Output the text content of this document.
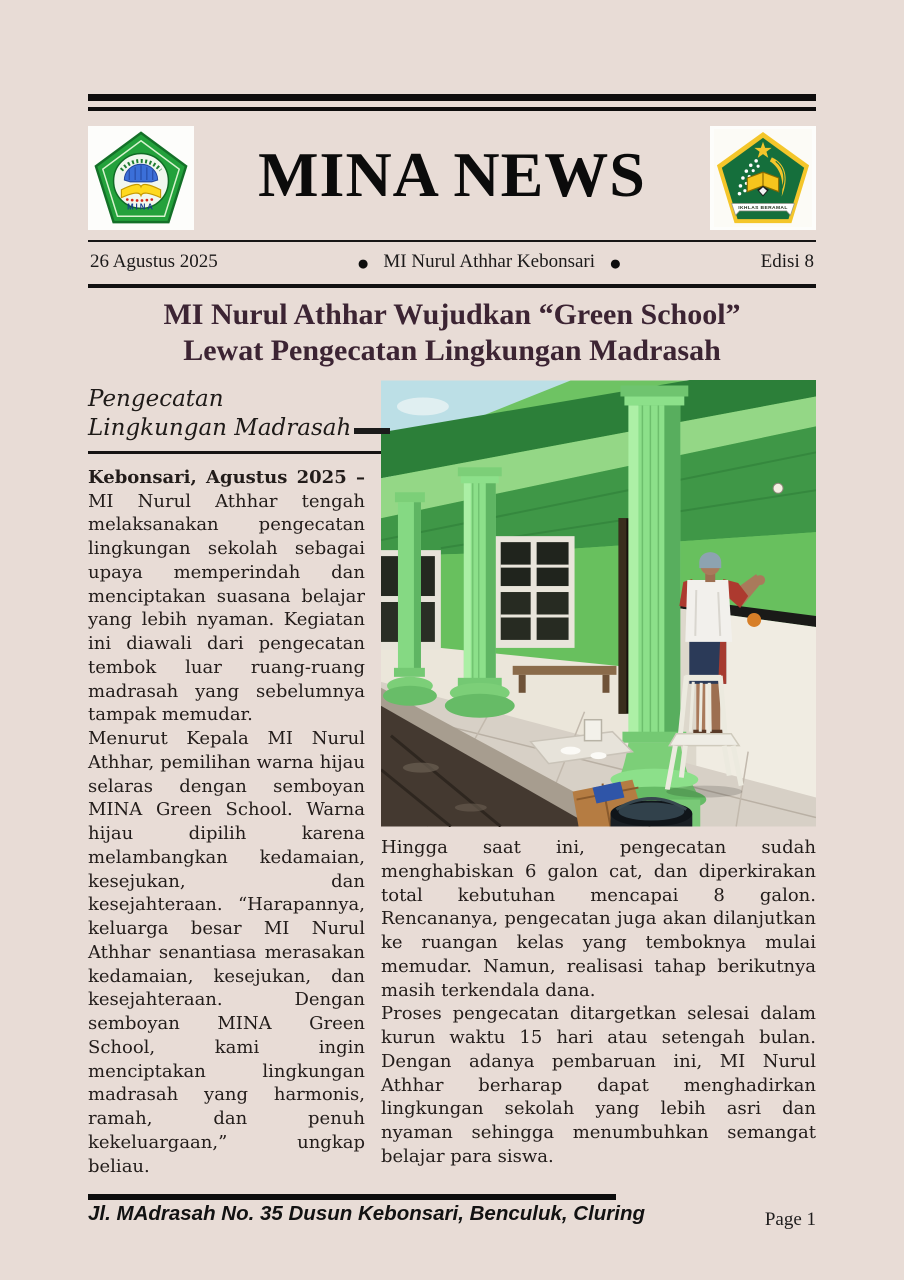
MINA	MINA NEWS	IKHLAS BERAMAL
26 Agustus 2025	● MI Nurul Athhar Kebonsari ●	Edisi 8
MI Nurul Athhar Wujudkan “Green School”
Lewat Pengecatan Lingkungan Madrasah
Pengecatan Lingkungan Madrasah

Kebonsari, Agustus 2025 – MI Nurul Athhar tengah melaksanakan pengecatan lingkungan sekolah sebagai upaya memperindah dan menciptakan suasana belajar yang lebih nyaman. Kegiatan ini diawali dari pengecatan tembok luar ruang-ruang madrasah yang sebelumnya tampak memudar.

Menurut Kepala MI Nurul Athhar, pemilihan warna hijau selaras dengan semboyan MINA Green School. Warna hijau dipilih karena melambangkan kedamaian, kesejukan, dan kesejahteraan. “Harapannya, keluarga besar MI Nurul Athhar senantiasa merasakan kedamaian, kesejukan, dan kesejahteraan. Dengan semboyan MINA Green School, kami ingin menciptakan lingkungan madrasah yang harmonis, ramah, dan penuh kekeluargaan,” ungkap beliau.

Hingga saat ini, pengecatan sudah menghabiskan 6 galon cat, dan diperkirakan total kebutuhan mencapai 8 galon. Rencananya, pengecatan juga akan dilanjutkan ke ruangan kelas yang temboknya mulai memudar. Namun, realisasi tahap berikutnya masih terkendala dana.

Proses pengecatan ditargetkan selesai dalam kurun waktu 15 hari atau setengah bulan. Dengan adanya pembaruan ini, MI Nurul Athhar berharap dapat menghadirkan lingkungan sekolah yang lebih asri dan nyaman sehingga menumbuhkan semangat belajar para siswa.

Jl. MAdrasah No. 35 Dusun Kebonsari, Benculuk, Cluring	Page 1
